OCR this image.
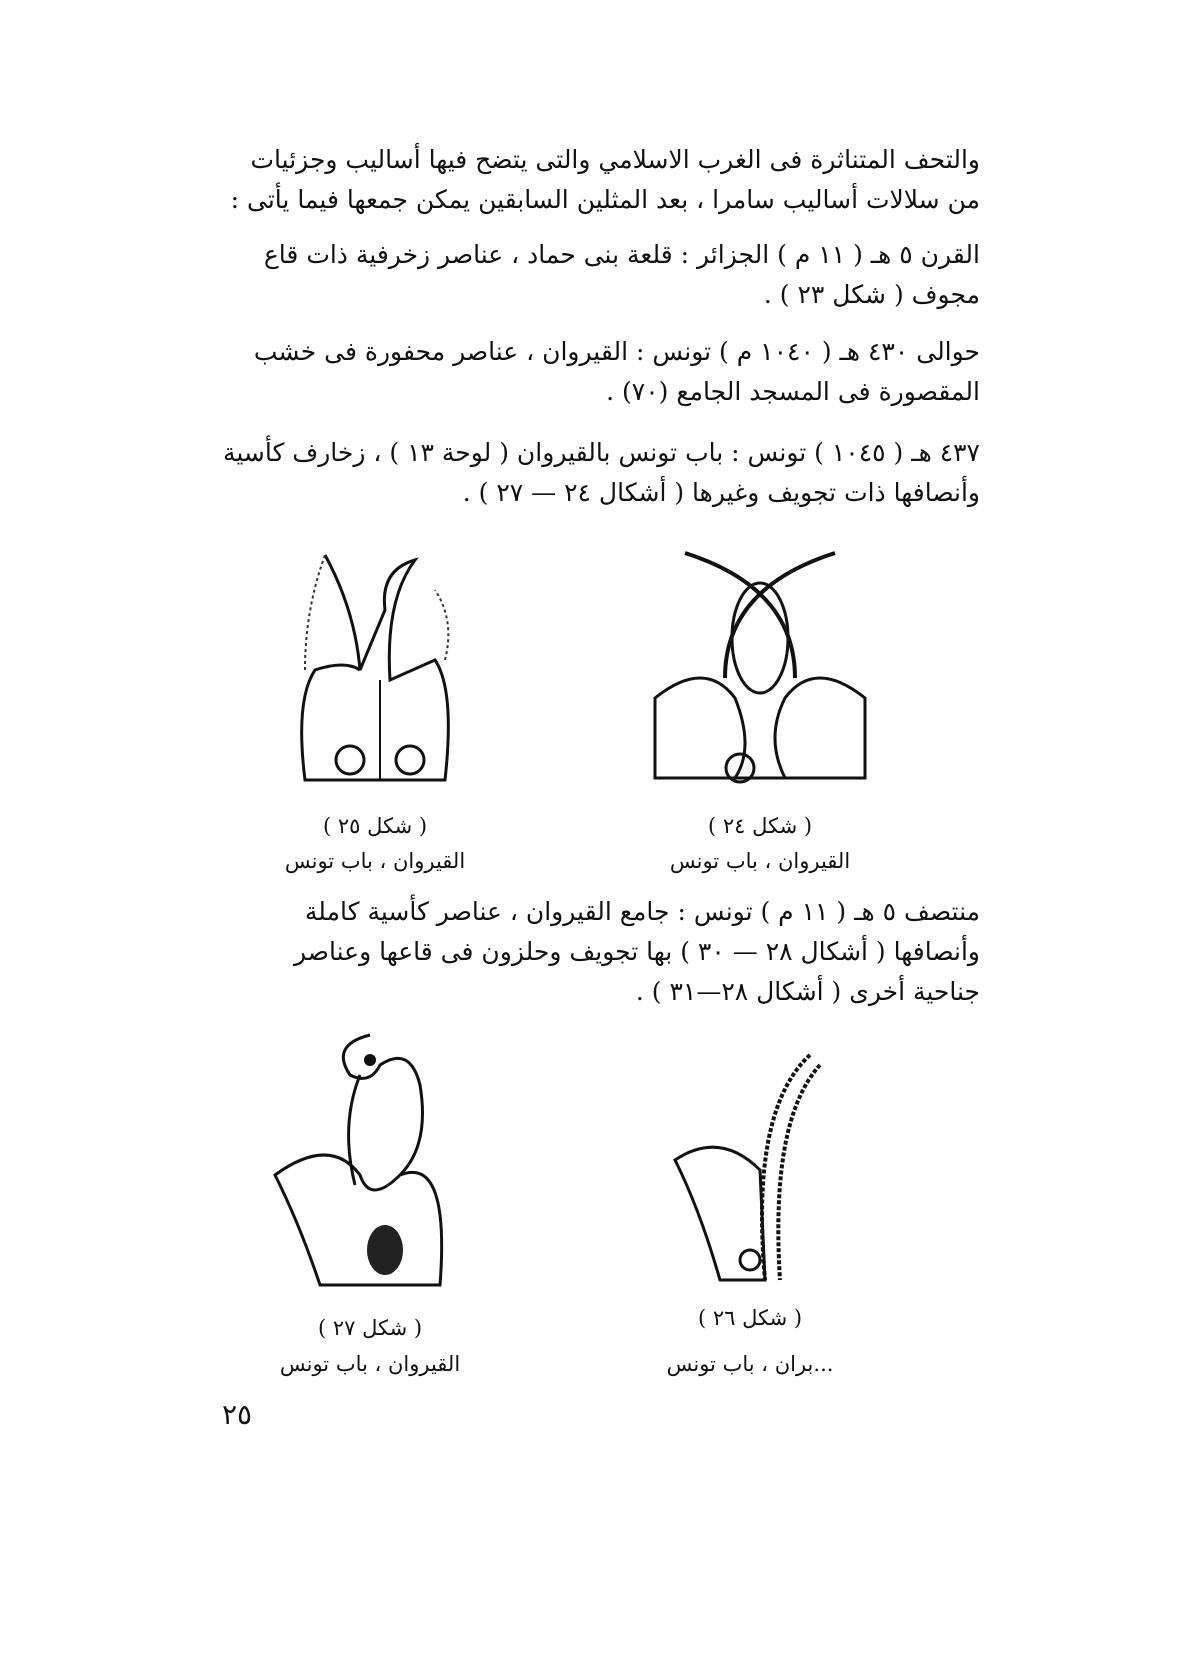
والتحف المتناثرة فى الغرب الاسلامي والتى يتضح فيها أساليب وجزئيات من سلالات أساليب سامرا ، بعد المثلين السابقين يمكن جمعها فيما يأتى :
القرن ٥ هـ ( ١١ م ) الجزائر : قلعة بنى حماد ، عناصر زخرفية ذات قاع مجوف ( شكل ٢٣ ) .
حوالى ٤٣٠ هـ ( ١٠٤٠ م ) تونس : القيروان ، عناصر محفورة فى خشب المقصورة فى المسجد الجامع (٧٠) .
٤٣٧ هـ ( ١٠٤٥ ) تونس : باب تونس بالقيروان ( لوحة ١٣ ) ، زخارف كأسية وأنصافها ذات تجويف وغيرها ( أشكال ٢٤ — ٢٧ ) .
( شكل ٢٥ )
القيروان ، باب تونس
( شكل ٢٤ )
القيروان ، باب تونس
منتصف ٥ هـ ( ١١ م ) تونس : جامع القيروان ، عناصر كأسية كاملة وأنصافها ( أشكال ٢٨ — ٣٠ ) بها تجويف وحلزون فى قاعها وعناصر جناحية أخرى ( أشكال ٢٨—٣١ ) .
( شكل ٢٧ )
القيروان ، باب تونس
( شكل ٢٦ )
...بران ، باب تونس
٢٥
